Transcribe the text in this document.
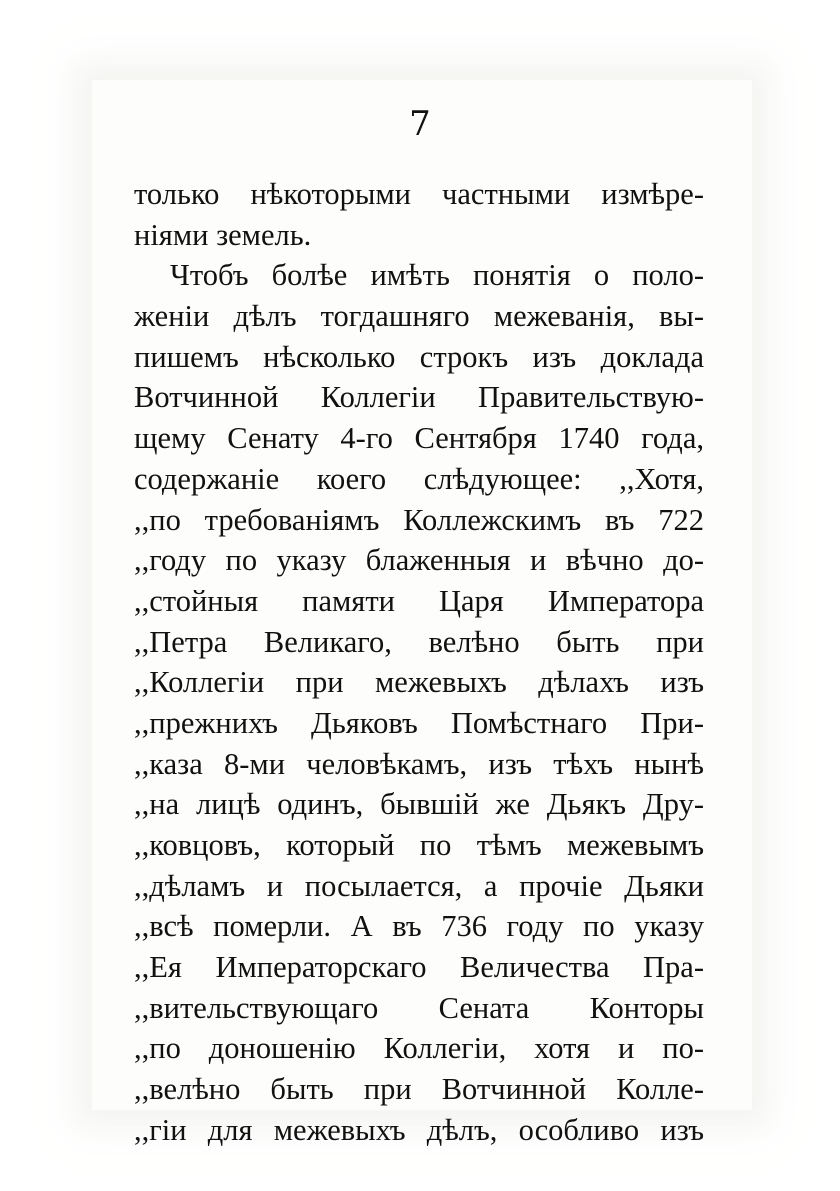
7
только нѣкоторыми частными измѣре-
ніями земель.
Чтобъ болѣе имѣть понятія о поло-
женіи дѣлъ тогдашняго межеванія, вы-
пишемъ нѣсколько строкъ изъ доклада
Вотчинной Коллегіи Правительствую-
щему Сенату 4-го Сентября 1740 года,
содержаніе коего слѣдующее: ,,Хотя,
,,по требованіямъ Коллежскимъ въ 722
,,году по указу блаженныя и вѣчно до-
,,стойныя памяти Царя Императора
,,Петра Великаго, велѣно быть при
,,Коллегіи при межевыхъ дѣлахъ изъ
,,прежнихъ Дьяковъ Помѣстнаго При-
,,каза 8-ми человѣкамъ, изъ тѣхъ нынѣ
,,на лицѣ одинъ, бывшій же Дьякъ Дру-
,,ковцовъ, который по тѣмъ межевымъ
,,дѣламъ и посылается, а прочіе Дьяки
,,всѣ померли. А въ 736 году по указу
,,Ея Императорскаго Величества Пра-
,,вительствующаго Сената Конторы
,,по доношенію Коллегіи, хотя и по-
,,велѣно быть при Вотчинной Колле-
,,гіи для межевыхъ дѣлъ, особливо изъ
